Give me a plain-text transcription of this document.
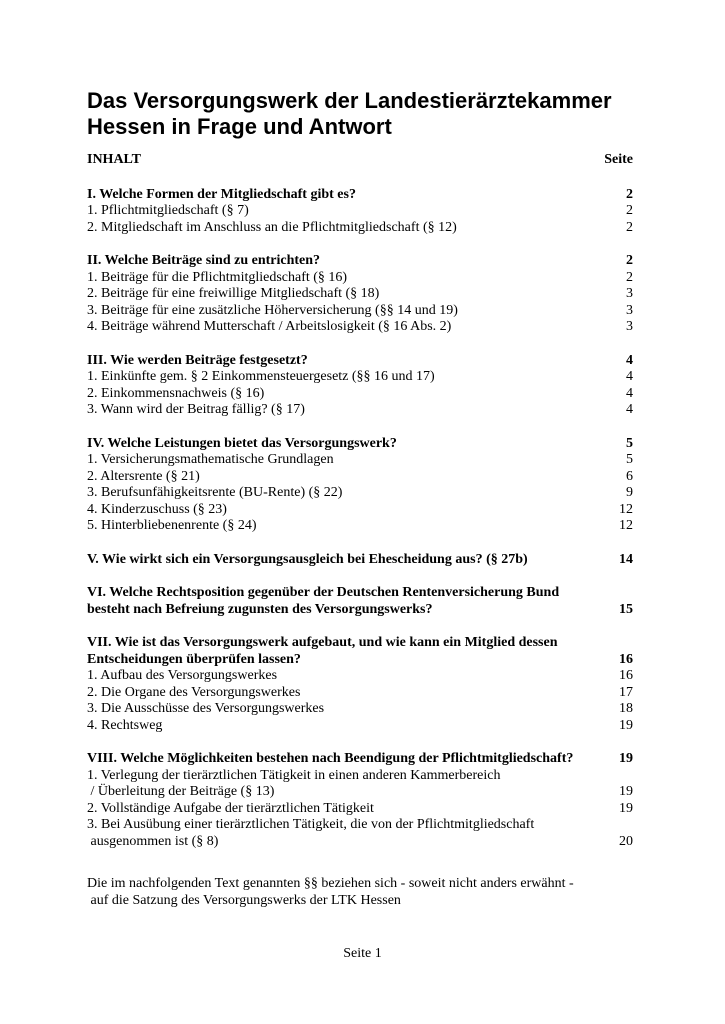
Das Versorgungswerk der Landestierärztekammer
Hessen in Frage und Antwort
INHALT	Seite
I. Welche Formen der Mitgliedschaft gibt es?	2
1. Pflichtmitgliedschaft (§ 7)	2
2. Mitgliedschaft im Anschluss an die Pflichtmitgliedschaft (§ 12)	2
II. Welche Beiträge sind zu entrichten?	2
1. Beiträge für die Pflichtmitgliedschaft (§ 16)	2
2. Beiträge für eine freiwillige Mitgliedschaft (§ 18)	3
3. Beiträge für eine zusätzliche Höherversicherung (§§ 14 und 19)	3
4. Beiträge während Mutterschaft / Arbeitslosigkeit (§ 16 Abs. 2)	3
III. Wie werden Beiträge festgesetzt?	4
1. Einkünfte gem. § 2 Einkommensteuergesetz (§§ 16 und 17)	4
2. Einkommensnachweis (§ 16)	4
3. Wann wird der Beitrag fällig? (§ 17)	4
IV. Welche Leistungen bietet das Versorgungswerk?	5
1. Versicherungsmathematische Grundlagen	5
2. Altersrente (§ 21)	6
3. Berufsunfähigkeitsrente (BU-Rente) (§ 22)	9
4. Kinderzuschuss (§ 23)	12
5. Hinterbliebenenrente (§ 24)	12
V. Wie wirkt sich ein Versorgungsausgleich bei Ehescheidung aus? (§ 27b)	14
VI. Welche Rechtsposition gegenüber der Deutschen Rentenversicherung Bund
besteht nach Befreiung zugunsten des Versorgungswerks?	15
VII. Wie ist das Versorgungswerk aufgebaut, und wie kann ein Mitglied dessen
Entscheidungen überprüfen lassen?	16
1. Aufbau des Versorgungswerkes	16
2. Die Organe des Versorgungswerkes	17
3. Die Ausschüsse des Versorgungswerkes	18
4. Rechtsweg	19
VIII. Welche Möglichkeiten bestehen nach Beendigung der Pflichtmitgliedschaft?	19
1. Verlegung der tierärztlichen Tätigkeit in einen anderen Kammerbereich
/ Überleitung der Beiträge (§ 13)	19
2. Vollständige Aufgabe der tierärztlichen Tätigkeit	19
3. Bei Ausübung einer tierärztlichen Tätigkeit, die von der Pflichtmitgliedschaft
ausgenommen ist (§ 8)	20
Die im nachfolgenden Text genannten §§ beziehen sich - soweit nicht anders erwähnt -
auf die Satzung des Versorgungswerks der LTK Hessen
Seite 1
